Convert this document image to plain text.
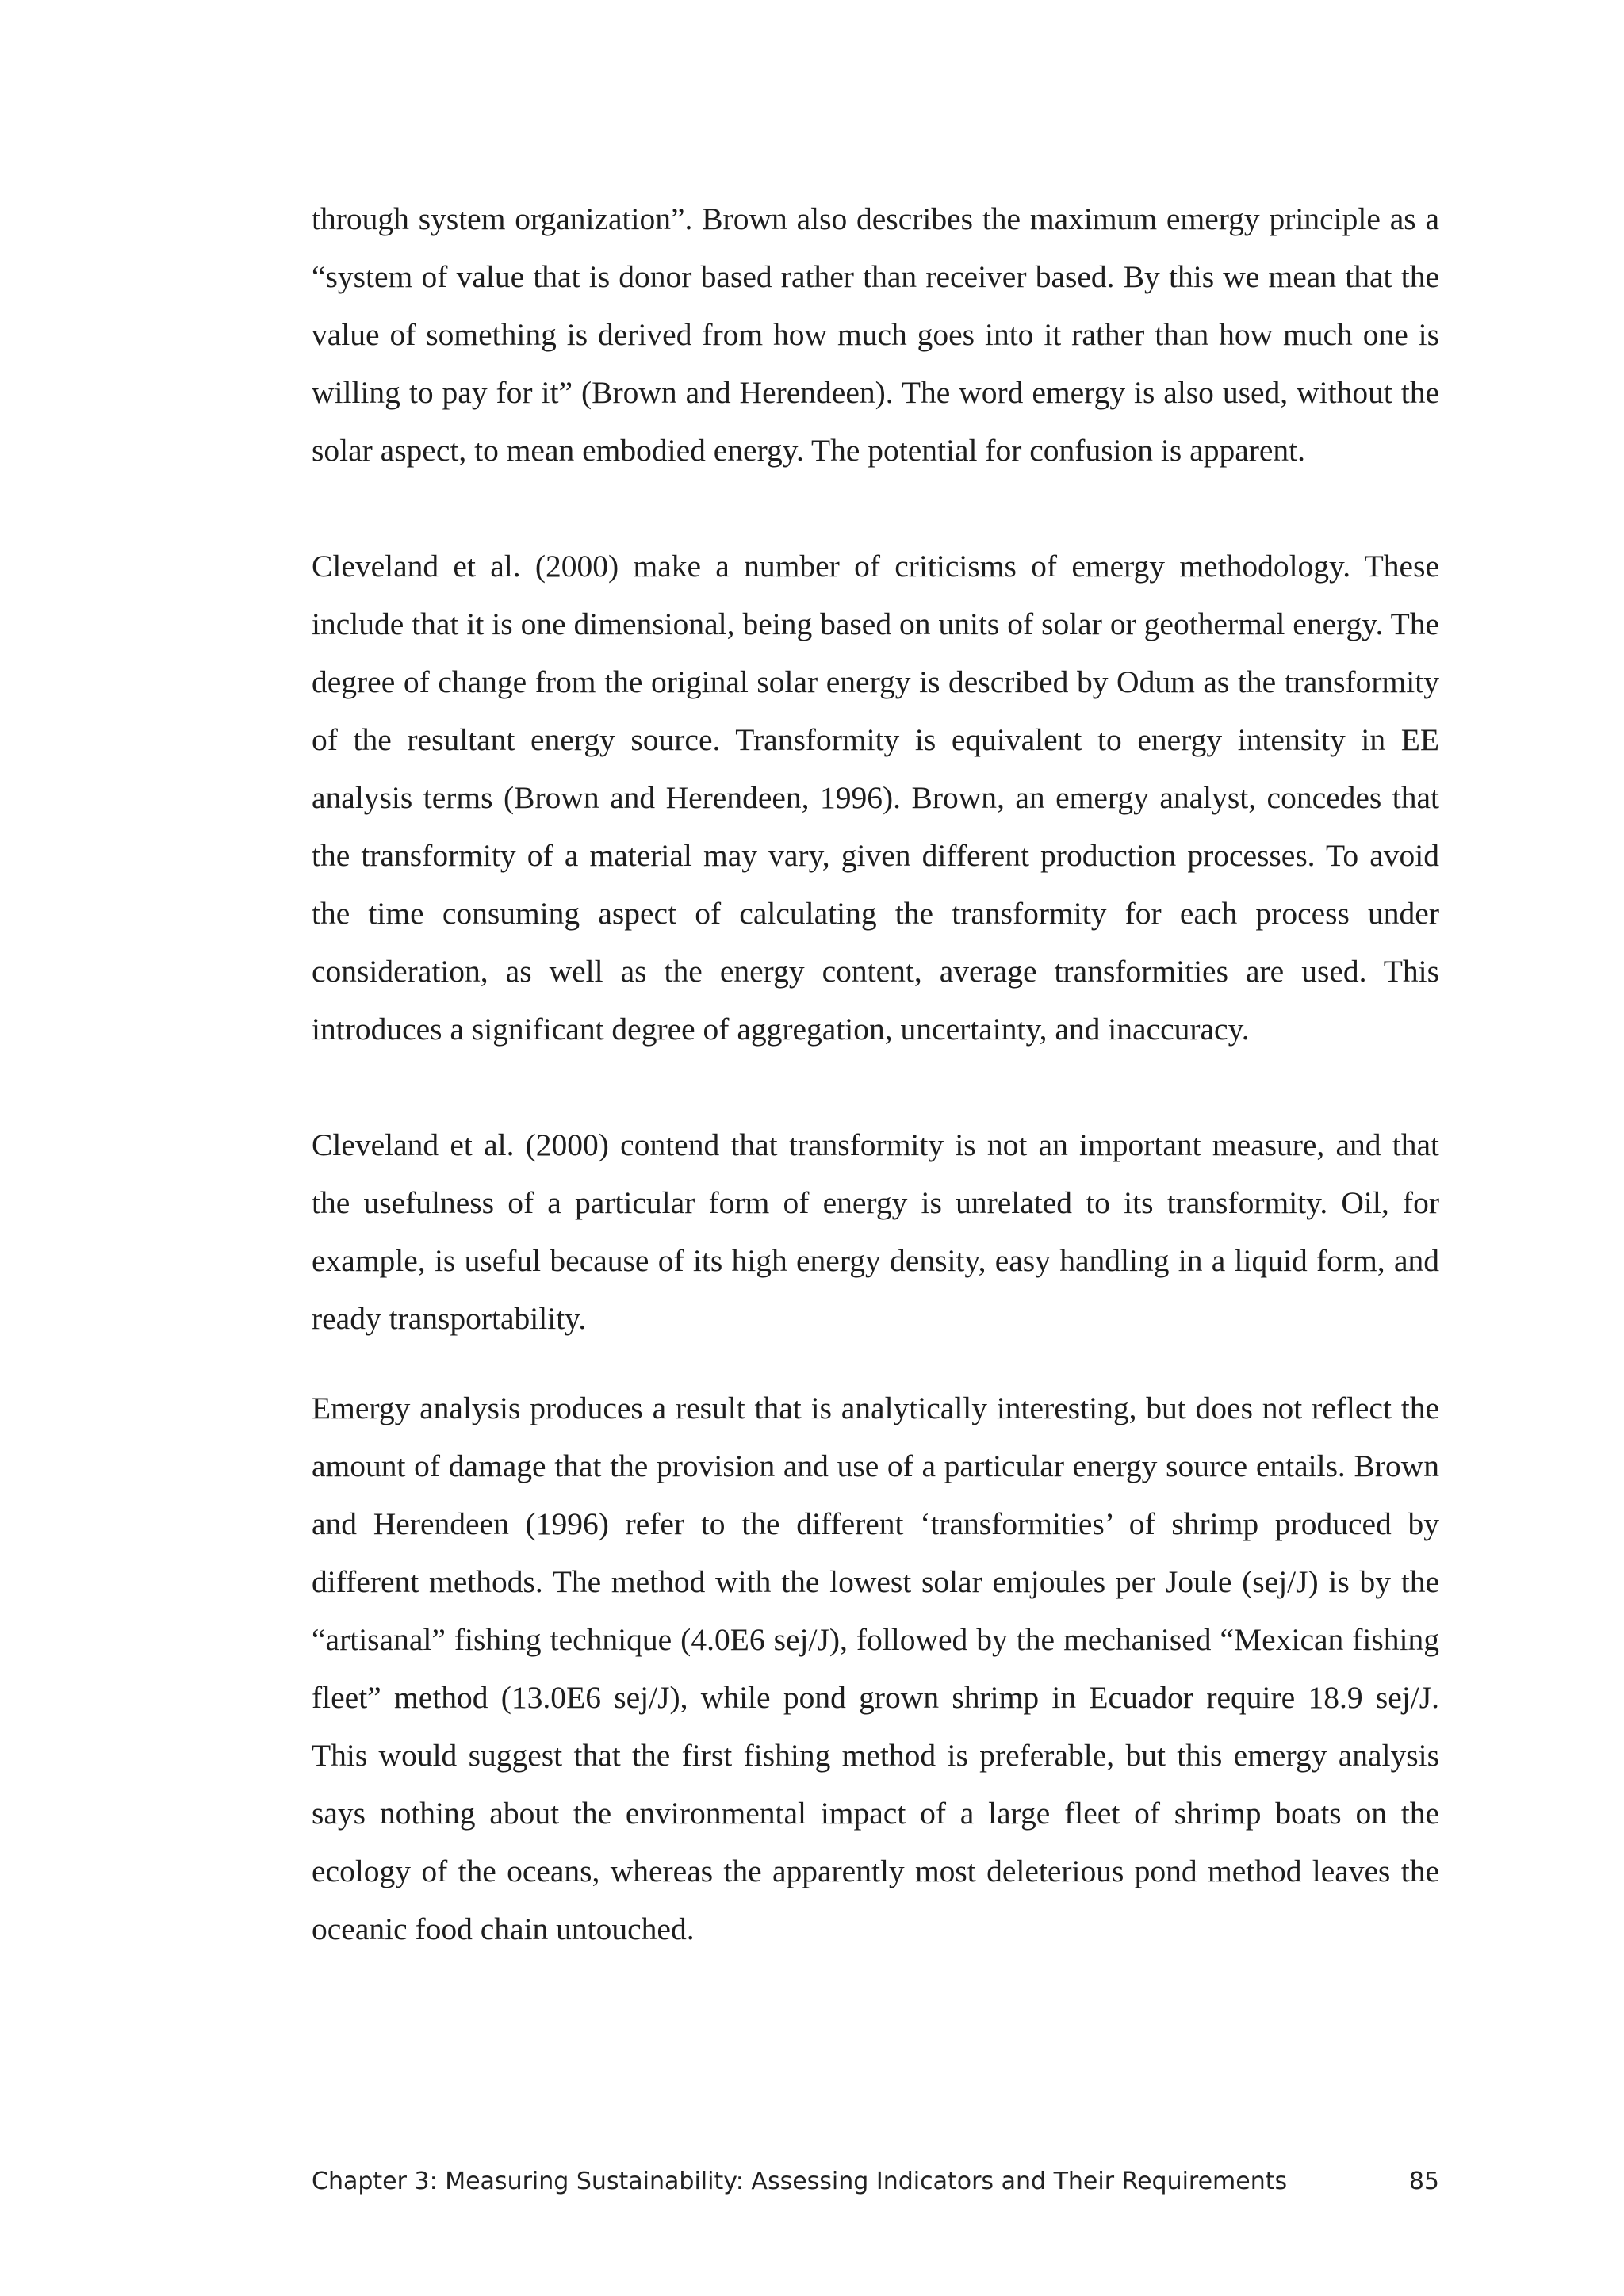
through system organization”. Brown also describes the maximum emergy principle as a “system of value that is donor based rather than receiver based. By this we mean that the value of something is derived from how much goes into it rather than how much one is willing to pay for it” (Brown and Herendeen). The word emergy is also used, without the solar aspect, to mean embodied energy. The potential for confusion is apparent.

Cleveland et al. (2000) make a number of criticisms of emergy methodology. These include that it is one dimensional, being based on units of solar or geothermal energy. The degree of change from the original solar energy is described by Odum as the transformity of the resultant energy source. Transformity is equivalent to energy intensity in EE analysis terms (Brown and Herendeen, 1996). Brown, an emergy analyst, concedes that the transformity of a material may vary, given different production processes. To avoid the time consuming aspect of calculating the transformity for each process under consideration, as well as the energy content, average transformities are used. This introduces a significant degree of aggregation, uncertainty, and inaccuracy.

Cleveland et al. (2000) contend that transformity is not an important measure, and that the usefulness of a particular form of energy is unrelated to its transformity. Oil, for example, is useful because of its high energy density, easy handling in a liquid form, and ready transportability.

Emergy analysis produces a result that is analytically interesting, but does not reflect the amount of damage that the provision and use of a particular energy source entails. Brown and Herendeen (1996) refer to the different ‘transformities’ of shrimp produced by different methods. The method with the lowest solar emjoules per Joule (sej/J) is by the “artisanal” fishing technique (4.0E6 sej/J), followed by the mechanised “Mexican fishing fleet” method (13.0E6 sej/J), while pond grown shrimp in Ecuador require 18.9 sej/J. This would suggest that the first fishing method is preferable, but this emergy analysis says nothing about the environmental impact of a large fleet of shrimp boats on the ecology of the oceans, whereas the apparently most deleterious pond method leaves the oceanic food chain untouched.

Chapter 3: Measuring Sustainability: Assessing Indicators and Their Requirements	85
